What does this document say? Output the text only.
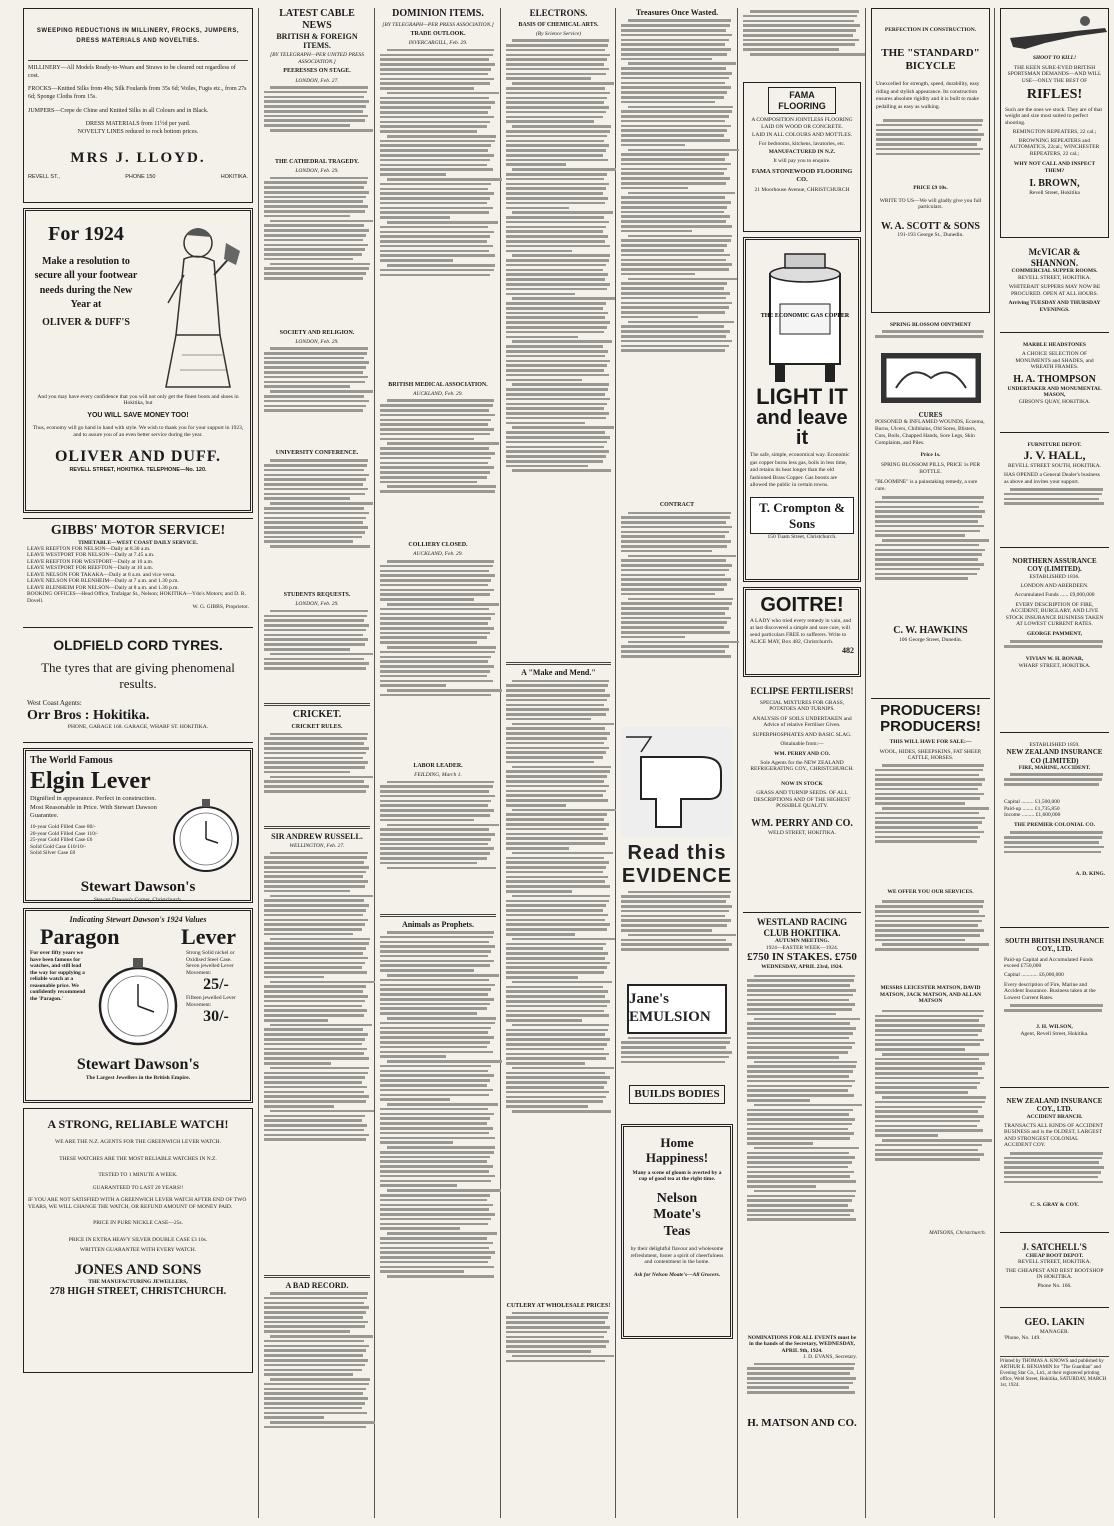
SWEEPING REDUCTIONS IN MILLINERY, FROCKS, JUMPERS, DRESS MATERIALS AND NOVELTIES.

MILLINERY—All Models Ready-to-Wears and Straws to be cleared out regardless of cost.

FROCKS—Knitted Silks from 49s; Silk Foulards from 35s 6d; Voiles, Fugis etc., from 27s 6d; Sponge Cloths from 15s.

JUMPERS—Crepe de Chine and Knitted Silks in all Colours and in Black.

DRESS MATERIALS from 11½d per yard.

NOVELTY LINES reduced to rock bottom prices.

MRS J. LLOYD.
REVELL ST.,	PHONE 150	HOKITIKA.
For 1924
Make a resolution to secure all your footwear needs during the New Year at
OLIVER & DUFF'S
And you may have every confidence that you will not only get the finest boots and shoes in Hokitika, but
YOU WILL SAVE MONEY TOO!
Thus, economy will go hand in hand with style. We wish to thank you for your support in 1923, and to assure you of an even better service during the year.
OLIVER AND DUFF.
REVELL STREET, HOKITIKA. TELEPHONE—No. 120.
GIBBS' MOTOR SERVICE!
TIMETABLE—WEST COAST DAILY SERVICE.
LEAVE REEFTON FOR NELSON—Daily at 8.30 a.m.
LEAVE WESTPORT FOR NELSON—Daily at 7.45 a.m.
LEAVE REEFTON FOR WESTPORT—Daily at 10 a.m.
LEAVE WESTPORT FOR REEFTON—Daily at 10 a.m.
LEAVE NELSON FOR TAKAKA—Daily at 8 a.m. and vice versa.
LEAVE NELSON FOR BLENHEIM—Daily at 7 a.m. and 1.30 p.m.
LEAVE BLENHEIM FOR NELSON—Daily at 8 a.m. and 1.30 p.m.
BOOKING OFFICES—Head Office, Trafalgar St., Nelson; HOKITIKA—Ydo's Motors; and D. R. Dovell.
W. G. GIBBS, Proprietor.
OLDFIELD CORD TYRES.
The tyres that are giving phenomenal results.
West Coast Agents:
Orr Bros : Hokitika.
PHONE, GARAGE 168. GARAGE, WHARF ST. HOKITIKA.
The World Famous
Elgin Lever
Dignified in appearance. Perfect in construction. Most Reasonable in Price. With Stewart Dawson Guarantee.
10-year Gold Filled Case 80/-
20-year Gold Filled Case 110/-
25-year Gold Filled Case £6
Solid Gold Case £10/10/-
Solid Silver Case £8
Stewart Dawson's
Stewart Dawson's Corner, Christchurch.
Indicating Stewart Dawson's 1924 Values
Paragon	Lever
For over fifty years we have been famous for watches, and still lead the way for supplying a reliable watch at a reasonable price. We confidently recommend the 'Paragon.'
Strong Solid nickel or Oxidised Steel Case. Seven jewelled Lever Movement:
25/-
Fifteen jewelled Lever Movement:
30/-
Stewart Dawson's
The Largest Jewellers in the British Empire.
A STRONG, RELIABLE WATCH!
WE ARE THE N.Z. AGENTS FOR THE GREENWICH LEVER WATCH.
THESE WATCHES ARE THE MOST RELIABLE WATCHES IN N.Z.
TESTED TO 1 MINUTE A WEEK.
GUARANTEED TO LAST 20 YEARS!!
IF YOU ARE NOT SATISFIED WITH A GREENWICH LEVER WATCH AFTER END OF TWO YEARS, WE WILL CHANGE THE WATCH, OR REFUND AMOUNT OF MONEY PAID.
PRICE IN PURE NICKLE CASE—25s.
PRICE IN EXTRA HEAVY SILVER DOUBLE CASE £3 10s.
WRITTEN GUARANTEE WITH EVERY WATCH.
JONES AND SONS
THE MANUFACTURING JEWELLERS,
278 HIGH STREET, CHRISTCHURCH.
LATEST CABLE NEWS
BRITISH & FOREIGN ITEMS.
[BY TELEGRAPH—PER UNITED PRESS ASSOCIATION.]
PEERESSES ON STAGE.
LONDON, Feb. 27.
THE CATHEDRAL TRAGEDY.
LONDON, Feb. 29.
SOCIETY AND RELIGION.
LONDON, Feb. 29.
UNIVERSITY CONFERENCE.
STUDENTS REQUESTS.
LONDON, Feb. 29.
CRICKET.
CRICKET RULES.
SIR ANDREW RUSSELL.
WELLINGTON, Feb. 27.
A BAD RECORD.
DOMINION ITEMS.
[BY TELEGRAPH—PER PRESS ASSOCIATION.]
TRADE OUTLOOK.
INVERCARGILL, Feb. 29.
BRITISH MEDICAL ASSOCIATION.
AUCKLAND, Feb. 29.
COLLIERY CLOSED.
AUCKLAND, Feb. 29.
LABOR LEADER.
FEILDING, March 1.
Animals as Prophets.
ELECTRONS.
BASIS OF CHEMICAL ARTS.
(By Science Service)
A "Make and Mend."
CUTLERY AT WHOLESALE PRICES!
Treasures Once Wasted.
CONTRACT
Read this EVIDENCE
Jane's EMULSION
BUILDS BODIES
Home Happiness!
Many a scene of gloom is averted by a cup of good tea at the right time.
Nelson
Moate's
Teas
by their delightful flavour and wholesome refreshment, foster a spirit of cheerfulness and contentment in the home.
Ask for Nelson Moate's—All Grocers.
FAMA FLOORING
A COMPOSITION JOINTLESS FLOORING LAID ON WOOD OR CONCRETE.
LAID IN ALL COLOURS AND MOTTLES.
For bedrooms, kitchens, lavatories, etc.
MANUFACTURED IN N.Z.
It will pay you to enquire.
FAMA STONEWOOD FLOORING CO.
21 Moorhouse Avenue, CHRISTCHURCH
THE ECONOMIC GAS COPPER
LIGHT IT
and leave it
The safe, simple, economical way. Economic gas copper burns less gas, boils in less time, and retains its heat longer than the old fashioned Brass Copper. Gas boosts are allowed the public in certain towns.
T. Crompton & Sons
150 Tuam Street, Christchurch.
GOITRE!
A LADY who tried every remedy in vain, and at last discovered a simple and sure cure, will send particulars FREE to sufferers. Write to ALICE MAY, Box 482, Christchurch.
482
ECLIPSE FERTILISERS!
SPECIAL MIXTURES FOR GRASS, POTATOES AND TURNIPS.
ANALYSIS OF SOILS UNDERTAKEN and Advice of relative Fertiliser Given.
SUPERPHOSPHATES AND BASIC SLAG.
Obtainable from:—
WM. PERRY AND CO.
Sole Agents for the NEW ZEALAND REFRIGERATING COY., CHRISTCHURCH.
NOW IN STOCK
GRASS AND TURNIP SEEDS. OF ALL DESCRIPTIONS AND OF THE HIGHEST POSSIBLE QUALITY.
WM. PERRY AND CO.
WELD STREET, HOKITIKA.
WESTLAND RACING CLUB HOKITIKA.
AUTUMN MEETING.
1924—EASTER WEEK—1924.
£750 IN STAKES. £750
WEDNESDAY, APRIL 23rd, 1924.
NOMINATIONS FOR ALL EVENTS must be in the hands of the Secretary, WEDNESDAY, APRIL 9th, 1924.
J. D. EVANS, Secretary.
H. MATSON AND CO.
PERFECTION IN CONSTRUCTION.
THE "STANDARD"
BICYCLE
Unexcelled for strength, speed, durability, easy riding and stylish appearance. Its construction ensures absolute rigidity and it is built to make pedalling as easy as walking.
PRICE £9 10s.
WRITE TO US—We will gladly give you full particulars.
W. A. SCOTT & SONS
191-193 George St., Dunedin.
SPRING BLOSSOM OINTMENT
CURES
POISONED & INFLAMED WOUNDS, Eczema, Burns, Ulcers, Chilblains, Old Sores, Blisters, Cuts, Boils, Chapped Hands, Sore Legs, Skin Complaints, and Piles.
Price 1s.
SPRING BLOSSOM PILLS, PRICE 1s PER BOTTLE.
"BLOOMINE" is a painstaking remedy, a sure cure.
C. W. HAWKINS
106 George Street, Dunedin.
PRODUCERS!
PRODUCERS!
THIS WILL HAVE FOR SALE:—
WOOL, HIDES, SHEEPSKINS, FAT SHEEP, CATTLE, HORSES.
WE OFFER YOU OUR SERVICES.
MESSRS LEICESTER MATSON, DAVID MATSON, JACK MATSON, AND ALLAN MATSON
MATSONS, Christchurch.
SHOOT TO KILL!
THE KEEN SURE-EYED BRITISH SPORTSMAN DEMANDS—AND WILL USE—ONLY THE BEST OF
RIFLES!
Such are the ones we stock. They are of that weight and size most suited to perfect shooting.
REMINGTON REPEATERS, 22 cal.;
BROWNING REPEATERS and AUTOMATICS, 22cal.; WINCHESTER REPEATERS, 22 cal.;
WHY NOT CALL AND INSPECT THEM?
I. BROWN,
Revell Street, Hokitika
McVICAR & SHANNON.
COMMERCIAL SUPPER ROOMS.
REVELL STREET, HOKITIKA.
WHITEBAIT SUPPERS MAY NOW BE PROCURED. OPEN AT ALL HOURS.
Arriving TUESDAY AND THURSDAY EVENINGS.
MARBLE HEADSTONES
A CHOICE SELECTION OF MONUMENTS and SHADES, and WREATH FRAMES.
H. A. THOMPSON
UNDERTAKER AND MONUMENTAL MASON,
GIBSON'S QUAY, HOKITIKA.
FURNITURE DEPOT.
J. V. HALL,
REVELL STREET SOUTH, HOKITIKA.
HAS OPENED a General Dealer's business as above and invites your support.
NORTHERN ASSURANCE COY (LIMITED).
ESTABLISHED 1836.
LONDON AND ABERDEEN.
Accumulated Funds ...... £9,000,000
EVERY DESCRIPTION OF FIRE, ACCIDENT, BURGLARY, AND LIVE STOCK INSURANCE BUSINESS TAKEN AT LOWEST CURRENT RATES.
GEORGE PAMMENT,
VIVIAN W. H. BONAR,
WHARF STREET, HOKITIKA.
ESTABLISHED 1859.
NEW ZEALAND INSURANCE CO (LIMITED)
FIRE, MARINE, ACCIDENT.
Capital ......... £1,500,000
Paid-up ........ £1,735,850
Income ......... £1,600,000
THE PREMIER COLONIAL CO.
A. D. KING.
SOUTH BRITISH INSURANCE COY., LTD.
Paid-up Capital and Accumulated Funds exceed £750,000
Capital ............ £6,000,000
Every description of Fire, Marine and Accident Insurance. Business taken at the Lowest Current Rates.
J. H. WILSON,
Agent, Revell Street, Hokitika.
NEW ZEALAND INSURANCE COY., LTD.
ACCIDENT BRANCH.
TRANSACTS ALL KINDS OF ACCIDENT BUSINESS and is the OLDEST, LARGEST AND STRONGEST COLONIAL ACCIDENT COY.
C. S. GRAY & COY.
J. SATCHELL'S
CHEAP BOOT DEPOT.
REVELL STREET, HOKITIKA.
THE CHEAPEST AND BEST BOOTSHOP IN HOKITIKA.
Phone No. 166.
GEO. LAKIN
MANAGER.
'Phone, No. 149.
Printed by THOMAS A. KNOWS and published by ARTHUR E. BENJAMIN for "The Guardian" and Evening Star Co., Ltd., at their registered printing office, Weld Street, Hokitika, SATURDAY, MARCH 1st, 1924.
